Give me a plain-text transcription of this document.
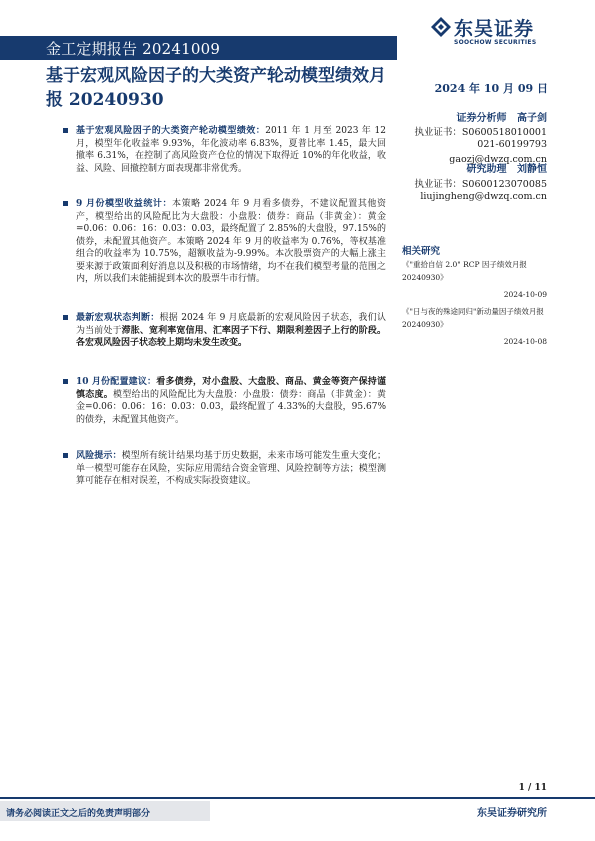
金工定期报告 20241009
东吴证券
SOOCHOW SECURITIES
基于宏观风险因子的大类资产轮动模型绩效月报 20240930
2024 年 10 月 09 日
证券分析师 高子剑
执业证书：S0600518010001
021-60199793
gaozj@dwzq.com.cn
研究助理 刘静恒
执业证书：S0600123070085
liujingheng@dwzq.com.cn
相关研究
《"重拾自信 2.0" RCP 因子绩效月报 20240930》
2024-10-09
《"日与夜的殊途同归"新动量因子绩效月报 20240930》
2024-10-08
基于宏观风险因子的大类资产轮动模型绩效：2011 年 1 月至 2023 年 12 月，模型年化收益率 9.93%，年化波动率 6.83%，夏普比率 1.45，最大回撤率 6.31%，在控制了高风险资产仓位的情况下取得近 10%的年化收益，收益、风险、回撤控制方面表现都非常优秀。
9 月份模型收益统计：本策略 2024 年 9 月看多债券，不建议配置其他资产，模型给出的风险配比为大盘股：小盘股：债券：商品（非黄金）：黄金=0.06：0.06：16：0.03：0.03，最终配置了 2.85%的大盘股，97.15%的债券，未配置其他资产。本策略 2024 年 9 月的收益率为 0.76%，等权基准组合的收益率为 10.75%，超额收益为-9.99%。本次股票资产的大幅上涨主要来源于政策面利好消息以及积极的市场情绪，均不在我们模型考量的范围之内，所以我们未能捕捉到本次的股票牛市行情。
最新宏观状态判断：根据 2024 年 9 月底最新的宏观风险因子状态，我们认为当前处于滞胀、宽利率宽信用、汇率因子下行、期限利差因子上行的阶段。各宏观风险因子状态较上期均未发生改变。
10 月份配置建议：看多债券，对小盘股、大盘股、商品、黄金等资产保持谨慎态度。模型给出的风险配比为大盘股：小盘股：债券：商品（非黄金）：黄金=0.06：0.06：16：0.03：0.03，最终配置了 4.33%的大盘股，95.67%的债券，未配置其他资产。
风险提示：模型所有统计结果均基于历史数据，未来市场可能发生重大变化；单一模型可能存在风险，实际应用需结合资金管理、风险控制等方法；模型测算可能存在相对误差，不构成实际投资建议。
1 / 11
请务必阅读正文之后的免责声明部分	东吴证券研究所
